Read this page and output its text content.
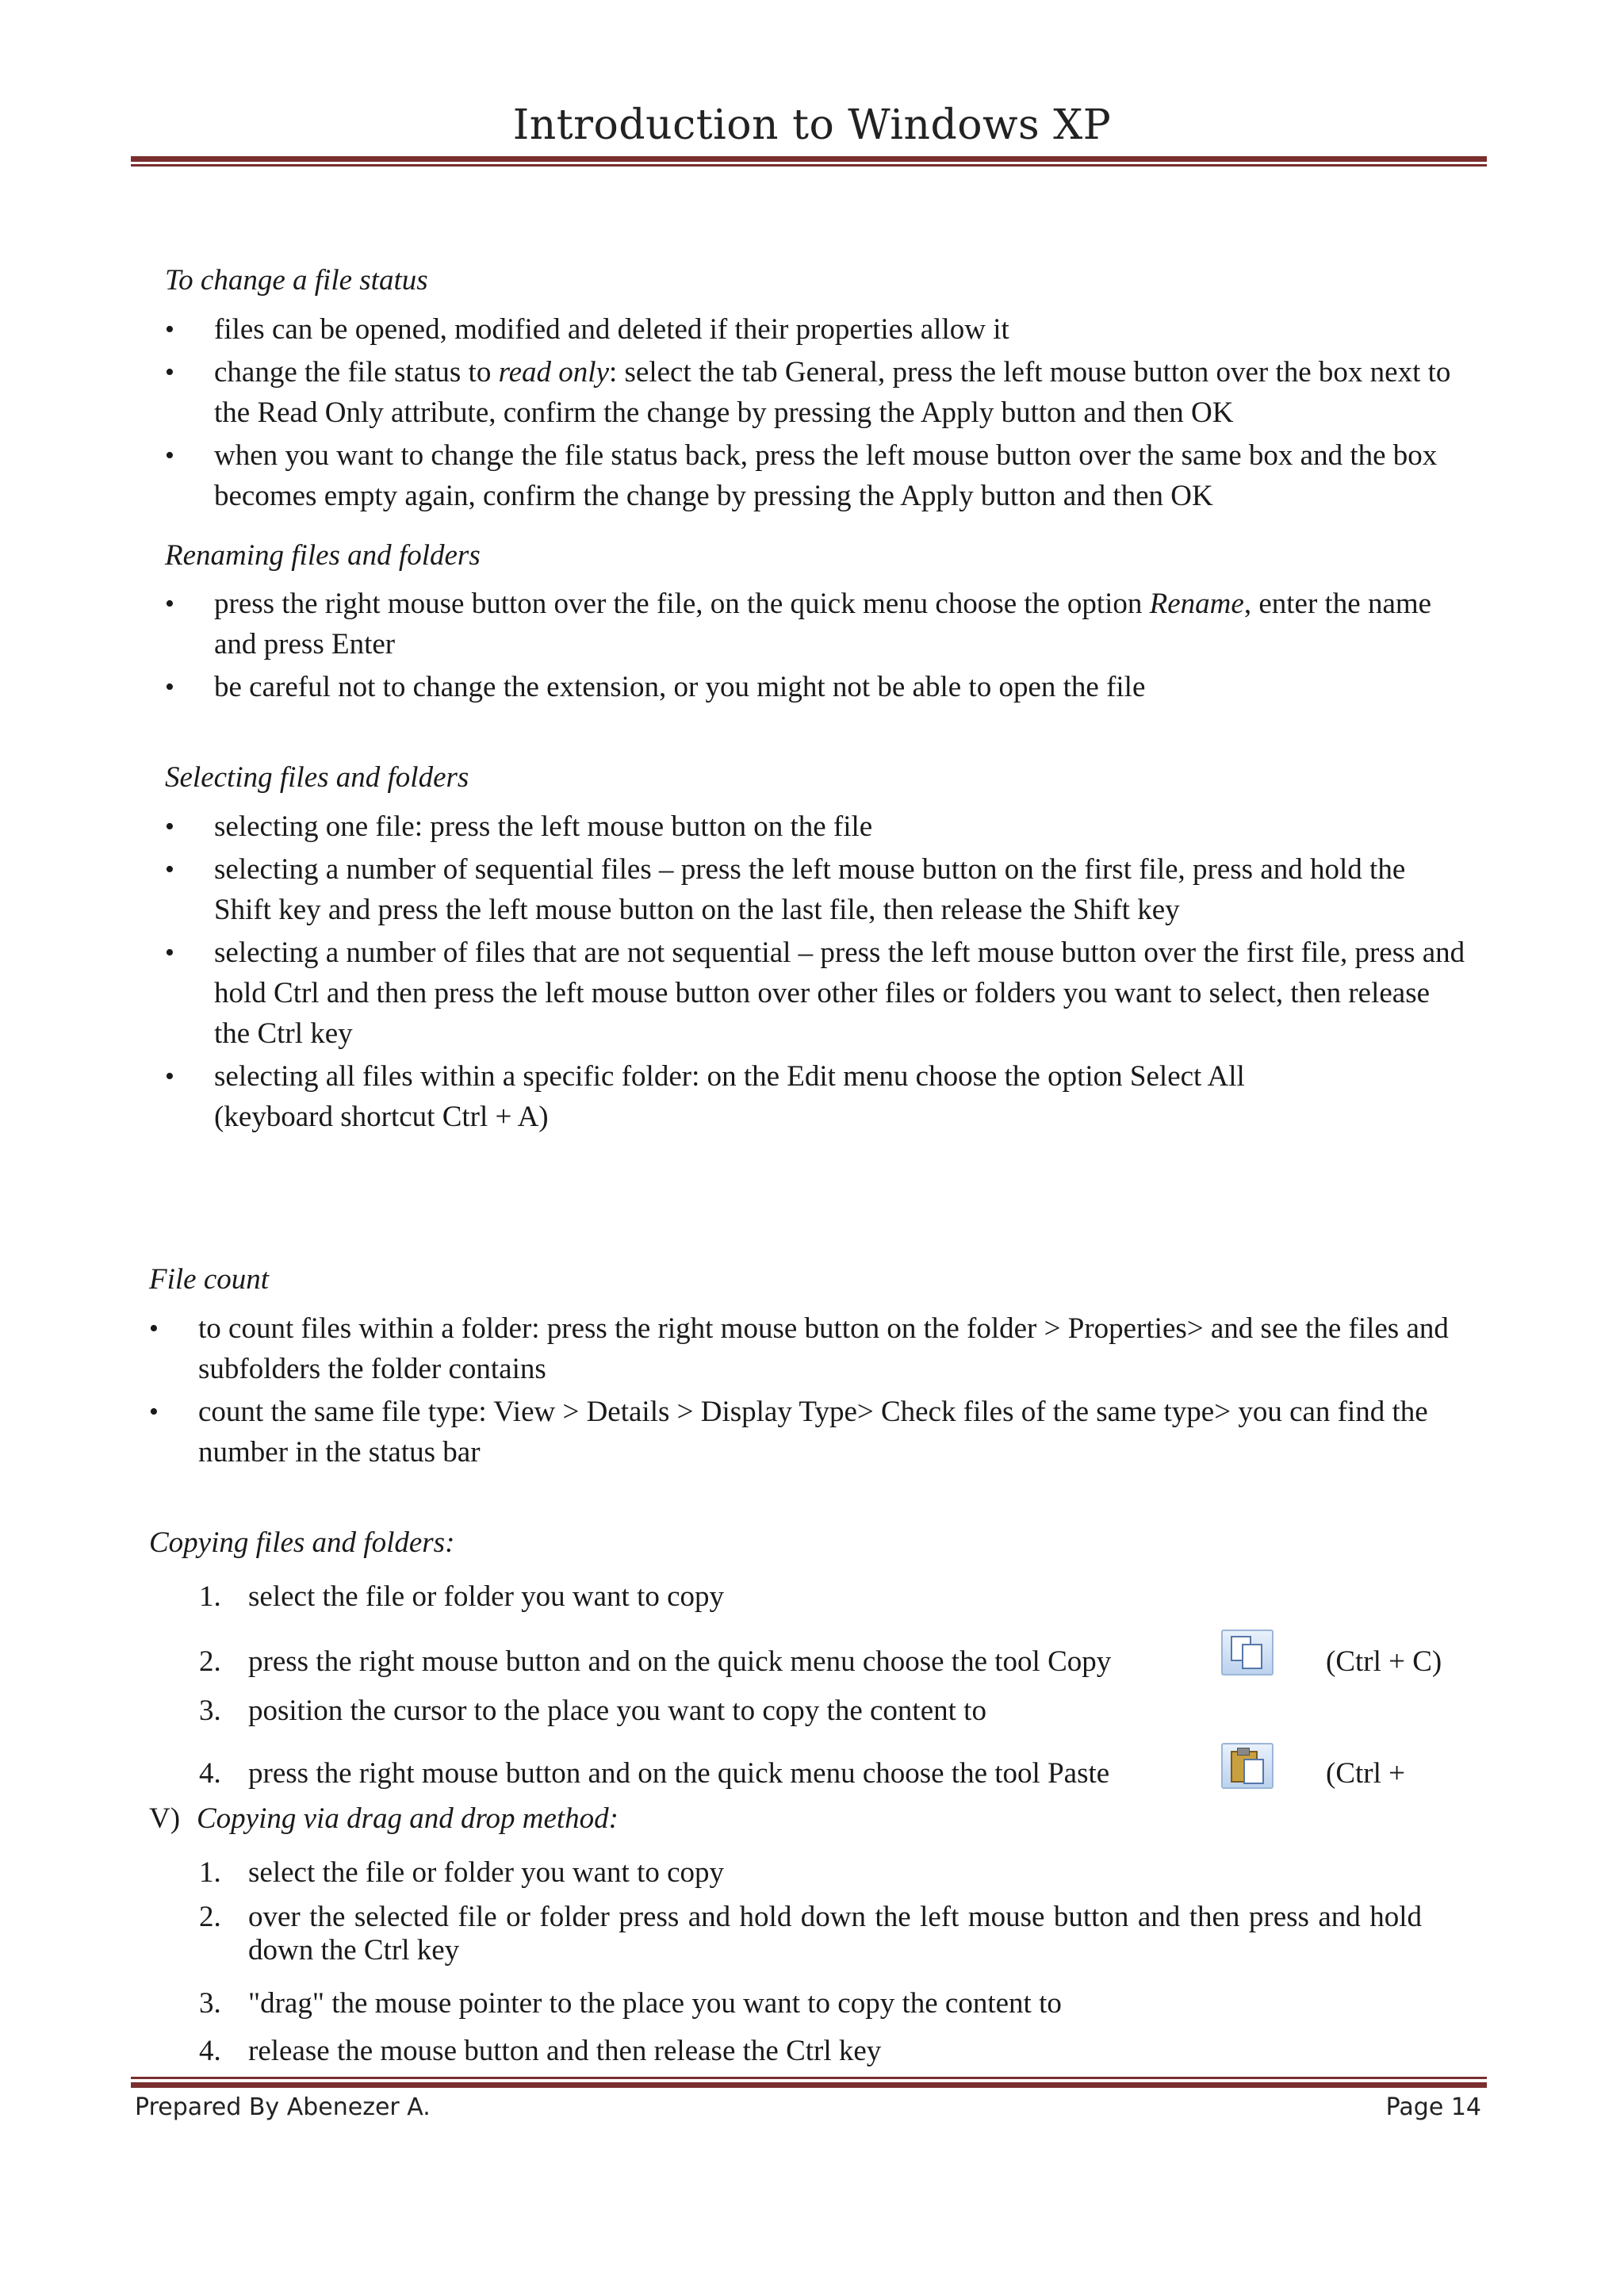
Introduction to Windows XP
To change a file status
• files can be opened, modified and deleted if their properties allow it
• change the file status to read only: select the tab General, press the left mouse button over the box next to the Read Only attribute, confirm the change by pressing the Apply button and then OK
• when you want to change the file status back, press the left mouse button over the same box and the box becomes empty again, confirm the change by pressing the Apply button and then OK
Renaming files and folders
• press the right mouse button over the file, on the quick menu choose the option Rename, enter the name and press Enter
• be careful not to change the extension, or you might not be able to open the file
Selecting files and folders
• selecting one file: press the left mouse button on the file
• selecting a number of sequential files – press the left mouse button on the first file, press and hold the Shift key and press the left mouse button on the last file, then release the Shift key
• selecting a number of files that are not sequential – press the left mouse button over the first file, press and hold Ctrl and then press the left mouse button over other files or folders you want to select, then release
the Ctrl key
• selecting all files within a specific folder: on the Edit menu choose the option Select All
(keyboard shortcut Ctrl + A)
File count
• to count files within a folder: press the right mouse button on the folder > Properties> and see the files and subfolders the folder contains
• count the same file type: View > Details > Display Type> Check files of the same type> you can find the number in the status bar
Copying files and folders:
1. select the file or folder you want to copy
2. press the right mouse button and on the quick menu choose the tool Copy
3. position the cursor to the place you want to copy the content to
4. press the right mouse button and on the quick menu choose the tool Paste
(Ctrl + C)
(Ctrl +
V) Copying via drag and drop method:
1. select the file or folder you want to copy
2. over the selected file or folder press and hold down the left mouse button and then press and hold down the Ctrl key
3. "drag" the mouse pointer to the place you want to copy the content to
4. release the mouse button and then release the Ctrl key
Prepared By Abenezer A.	Page 14
